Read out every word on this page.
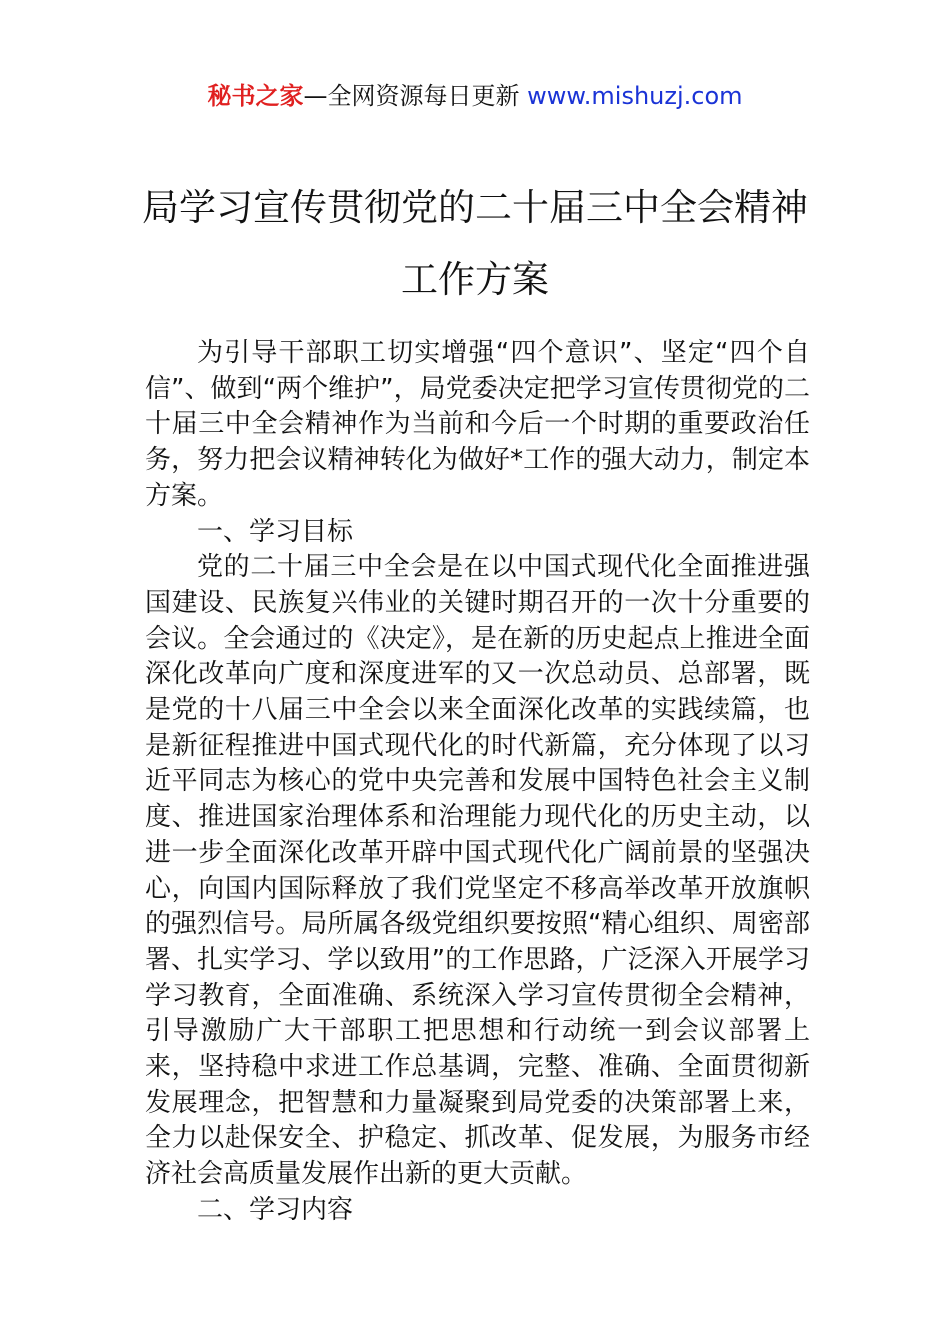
秘书之家—全网资源每日更新 www.mishuzj.com
局学习宣传贯彻党的二十届三中全会精神
工作方案

为引导干部职工切实增强“四个意识”、坚定“四个自信”、做到“两个维护”，局党委决定把学习宣传贯彻党的二十届三中全会精神作为当前和今后一个时期的重要政治任务，努力把会议精神转化为做好*工作的强大动力，制定本方案。

一、学习目标

党的二十届三中全会是在以中国式现代化全面推进强国建设、民族复兴伟业的关键时期召开的一次十分重要的会议。全会通过的《决定》，是在新的历史起点上推进全面深化改革向广度和深度进军的又一次总动员、总部署，既是党的十八届三中全会以来全面深化改革的实践续篇，也是新征程推进中国式现代化的时代新篇，充分体现了以习近平同志为核心的党中央完善和发展中国特色社会主义制度、推进国家治理体系和治理能力现代化的历史主动，以进一步全面深化改革开辟中国式现代化广阔前景的坚强决心，向国内国际释放了我们党坚定不移高举改革开放旗帜的强烈信号。局所属各级党组织要按照“精心组织、周密部署、扎实学习、学以致用”的工作思路，广泛深入开展学习学习教育，全面准确、系统深入学习宣传贯彻全会精神，引导激励广大干部职工把思想和行动统一到会议部署上来，坚持稳中求进工作总基调，完整、准确、全面贯彻新发展理念，把智慧和力量凝聚到局党委的决策部署上来，全力以赴保安全、护稳定、抓改革、促发展，为服务市经济社会高质量发展作出新的更大贡献。

二、学习内容
